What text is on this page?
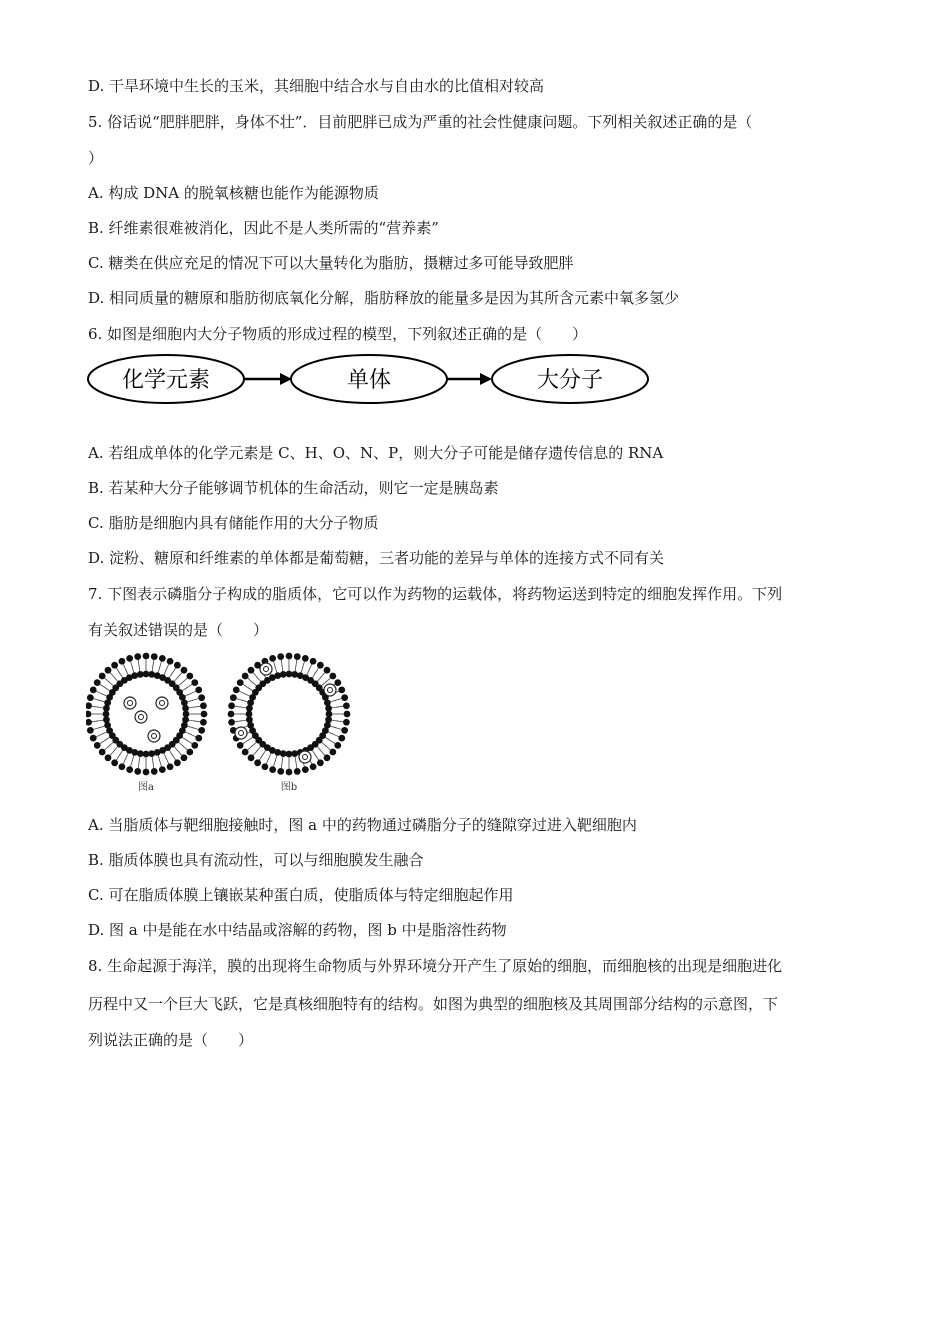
D. 干旱环境中生长的玉米，其细胞中结合水与自由水的比值相对较高
5. 俗话说“肥胖肥胖，身体不壮”．目前肥胖已成为严重的社会性健康问题。下列相关叙述正确的是（
）
A. 构成 DNA 的脱氧核糖也能作为能源物质
B. 纤维素很难被消化，因此不是人类所需的“营养素”
C. 糖类在供应充足的情况下可以大量转化为脂肪，摄糖过多可能导致肥胖
D. 相同质量的糖原和脂肪彻底氧化分解，脂肪释放的能量多是因为其所含元素中氧多氢少
6. 如图是细胞内大分子物质的形成过程的模型，下列叙述正确的是（　　）
化学元素	单体	大分子
A. 若组成单体的化学元素是 C、H、O、N、P，则大分子可能是储存遗传信息的 RNA
B. 若某种大分子能够调节机体的生命活动，则它一定是胰岛素
C. 脂肪是细胞内具有储能作用的大分子物质
D. 淀粉、糖原和纤维素的单体都是葡萄糖，三者功能的差异与单体的连接方式不同有关
7. 下图表示磷脂分子构成的脂质体，它可以作为药物的运载体，将药物运送到特定的细胞发挥作用。下列
有关叙述错误的是（　　）
图a	图b
A. 当脂质体与靶细胞接触时，图 a 中的药物通过磷脂分子的缝隙穿过进入靶细胞内
B. 脂质体膜也具有流动性，可以与细胞膜发生融合
C. 可在脂质体膜上镶嵌某种蛋白质，使脂质体与特定细胞起作用
D. 图 a 中是能在水中结晶或溶解的药物，图 b 中是脂溶性药物
8. 生命起源于海洋，膜的出现将生命物质与外界环境分开产生了原始的细胞，而细胞核的出现是细胞进化
历程中又一个巨大飞跃，它是真核细胞特有的结构。如图为典型的细胞核及其周围部分结构的示意图，下
列说法正确的是（　　）
